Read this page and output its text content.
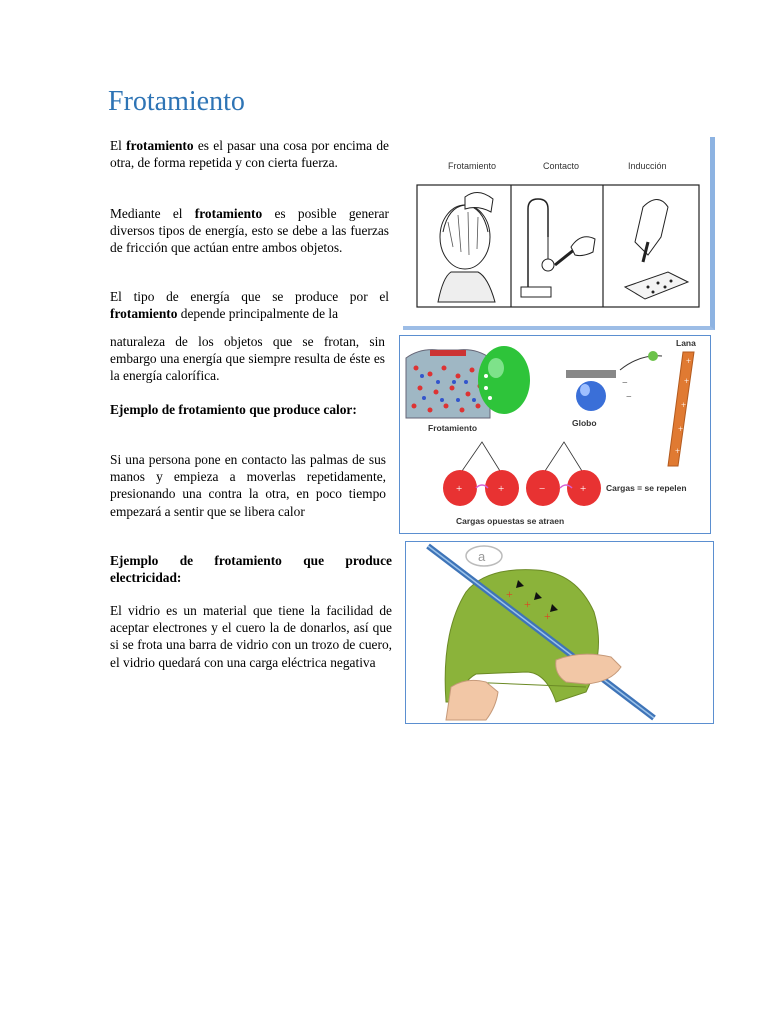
Frotamiento

El frotamiento es el pasar una cosa por encima de otra, de forma repetida y con cierta fuerza.

Mediante el frotamiento es posible generar diversos tipos de energía, esto se debe a las fuerzas de fricción que actúan entre ambos objetos.

El tipo de energía que se produce por el frotamiento depende principalmente de la

naturaleza de los objetos que se frotan, sin embargo una energía que siempre resulta de éste es la energía calorífica.

Ejemplo de frotamiento que produce calor:

Si una persona pone en contacto las palmas de sus manos y empieza a moverlas repetidamente, presionando una contra la otra, en poco tiempo empezará a sentir que se libera calor

Ejemplo de frotamiento que produce electricidad:

El vidrio es un material que tiene la facilidad de aceptar electrones y el cuero la de donarlos, así que si se frota una barra de vidrio con un trozo de cuero, el vidrio quedará con una carga eléctrica negativa

Frotamiento	Contacto	Inducción
Globo
−
−
Lana
+
+
+
+
+
Frotamiento
+	+	−	+ Cargas = se repelen
Cargas opuestas se atraen
a
+
+
+
